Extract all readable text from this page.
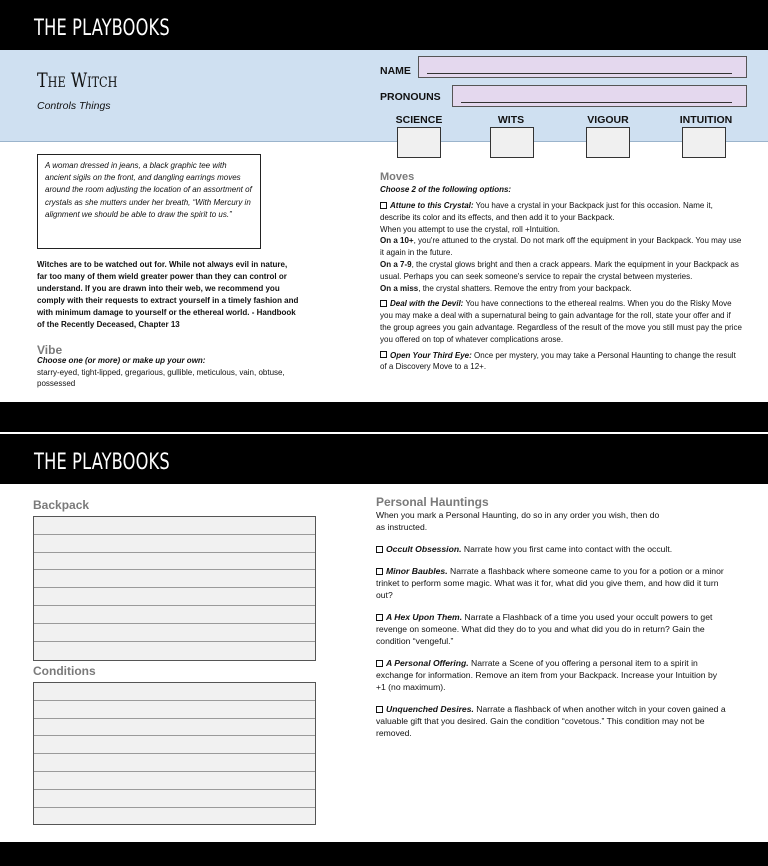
THE PLAYBOOKS
The Witch
Controls Things
NAME
PRONOUNS
SCIENCE	WITS	VIGOUR	INTUITION
A woman dressed in jeans, a black graphic tee with ancient sigils on the front, and dangling earrings moves around the room adjusting the location of an assortment of crystals as she mutters under her breath, “With Mercury in alignment we should be able to draw the spirit to us.”
Witches are to be watched out for. While not always evil in nature, far too many of them wield greater power than they can control or understand. If you are drawn into their web, we recommend you comply with their requests to extract yourself in a timely fashion and with minimum damage to yourself or the ethereal world. - Handbook of the Recently Deceased, Chapter 13
Vibe
Choose one (or more) or make up your own:
starry-eyed, tight-lipped, gregarious, gullible, meticulous, vain, obtuse, possessed
Moves
Choose 2 of the following options:

Attune to this Crystal: You have a crystal in your Backpack just for this occasion. Name it, describe its color and its effects, and then add it to your Backpack.
When you attempt to use the crystal, roll +Intuition.
On a 10+, you're attuned to the crystal. Do not mark off the equipment in your Backpack. You may use it again in the future.
On a 7-9, the crystal glows bright and then a crack appears. Mark the equipment in your Backpack as usual. Perhaps you can seek someone's service to repair the crystal between mysteries.
On a miss, the crystal shatters. Remove the entry from your backpack.

Deal with the Devil: You have connections to the ethereal realms. When you do the Risky Move you may make a deal with a supernatural being to gain advantage for the roll, state your offer and if the group agrees you gain advantage. Regardless of the result of the move you still must pay the price you offered on top of whatever complications arose.

Open Your Third Eye: Once per mystery, you may take a Personal Haunting to change the result of a Discovery Move to a 12+.

THE PLAYBOOKS
Backpack
Conditions
Personal Hauntings

When you mark a Personal Haunting, do so in any order you wish, then do as instructed.

Occult Obsession. Narrate how you first came into contact with the occult.

Minor Baubles. Narrate a flashback where someone came to you for a potion or a minor trinket to perform some magic. What was it for, what did you give them, and how did it turn out?

A Hex Upon Them. Narrate a Flashback of a time you used your occult powers to get revenge on someone. What did they do to you and what did you do in return? Gain the condition “vengeful.”

A Personal Offering. Narrate a Scene of you offering a personal item to a spirit in exchange for information. Remove an item from your Backpack. Increase your Intuition by +1 (no maximum).

Unquenched Desires. Narrate a flashback of when another witch in your coven gained a valuable gift that you desired. Gain the condition “covetous.” This condition may not be removed.
